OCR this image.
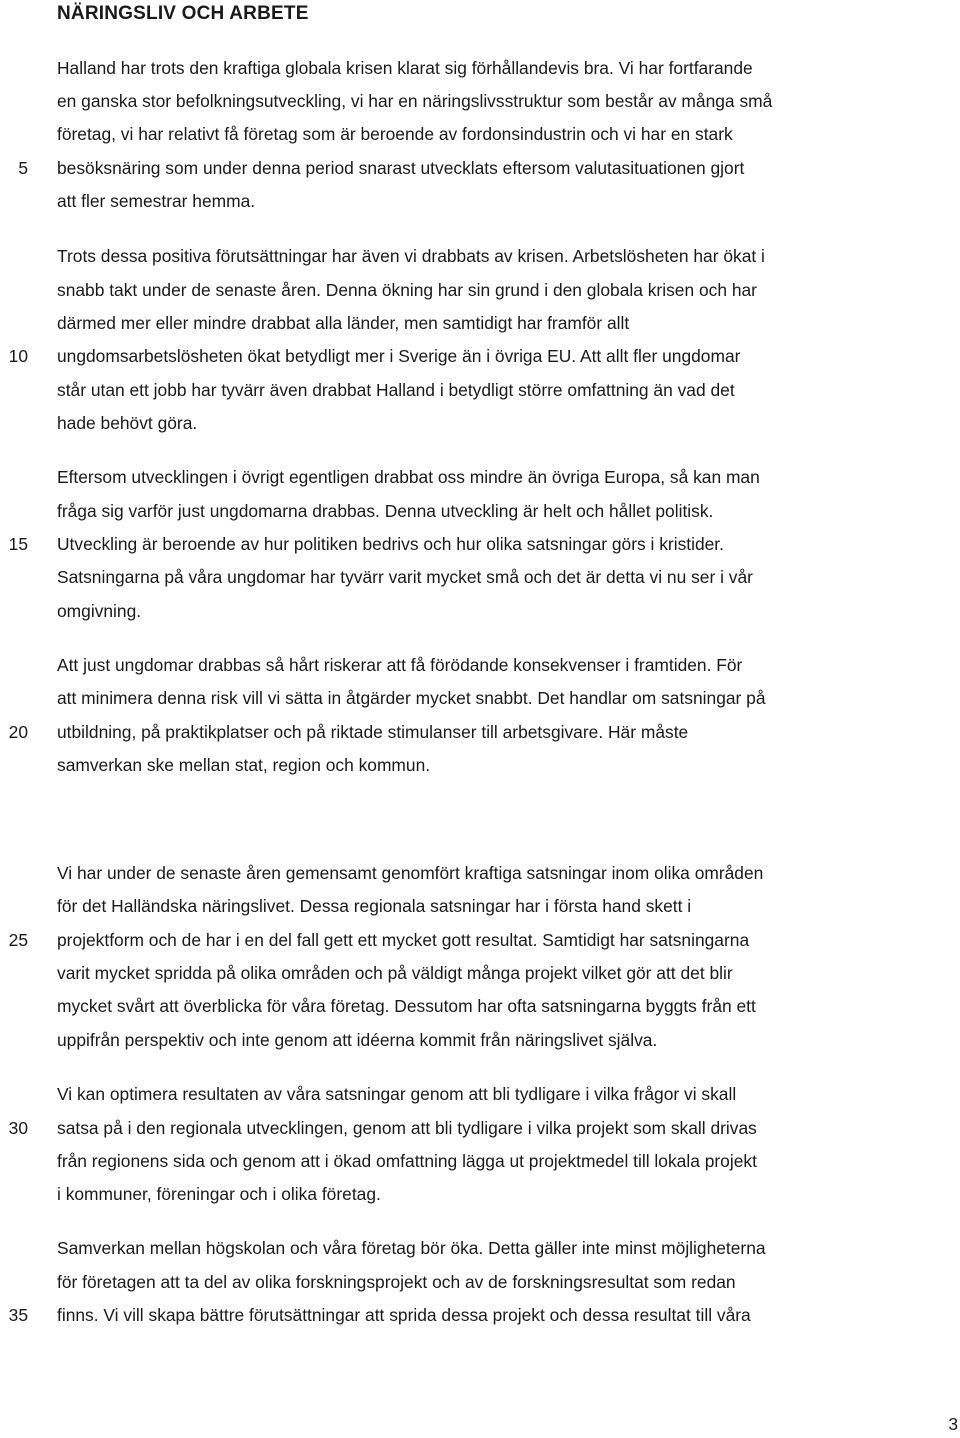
NÄRINGSLIV OCH ARBETE
Halland har trots den kraftiga globala krisen klarat sig förhållandevis bra. Vi har fortfarande
en ganska stor befolkningsutveckling, vi har en näringslivsstruktur som består av många små
företag, vi har relativt få företag som är beroende av fordonsindustrin och vi har en stark
besöksnäring som under denna period snarast utvecklats eftersom valutasituationen gjort
att fler semestrar hemma.
Trots dessa positiva förutsättningar har även vi drabbats av krisen. Arbetslösheten har ökat i
snabb takt under de senaste åren. Denna ökning har sin grund i den globala krisen och har
därmed mer eller mindre drabbat alla länder, men samtidigt har framför allt
ungdomsarbetslösheten ökat betydligt mer i Sverige än i övriga EU. Att allt fler ungdomar
står utan ett jobb har tyvärr även drabbat Halland i betydligt större omfattning än vad det
hade behövt göra.
Eftersom utvecklingen i övrigt egentligen drabbat oss mindre än övriga Europa, så kan man
fråga sig varför just ungdomarna drabbas. Denna utveckling är helt och hållet politisk.
Utveckling är beroende av hur politiken bedrivs och hur olika satsningar görs i kristider.
Satsningarna på våra ungdomar har tyvärr varit mycket små och det är detta vi nu ser i vår
omgivning.
Att just ungdomar drabbas så hårt riskerar att få förödande konsekvenser i framtiden. För
att minimera denna risk vill vi sätta in åtgärder mycket snabbt. Det handlar om satsningar på
utbildning, på praktikplatser och på riktade stimulanser till arbetsgivare. Här måste
samverkan ske mellan stat, region och kommun.
Vi har under de senaste åren gemensamt genomfört kraftiga satsningar inom olika områden
för det Halländska näringslivet. Dessa regionala satsningar har i första hand skett i
projektform och de har i en del fall gett ett mycket gott resultat. Samtidigt har satsningarna
varit mycket spridda på olika områden och på väldigt många projekt vilket gör att det blir
mycket svårt att överblicka för våra företag. Dessutom har ofta satsningarna byggts från ett
uppifrån perspektiv och inte genom att idéerna kommit från näringslivet själva.
Vi kan optimera resultaten av våra satsningar genom att bli tydligare i vilka frågor vi skall
satsa på i den regionala utvecklingen, genom att bli tydligare i vilka projekt som skall drivas
från regionens sida och genom att i ökad omfattning lägga ut projektmedel till lokala projekt
i kommuner, föreningar och i olika företag.
Samverkan mellan högskolan och våra företag bör öka. Detta gäller inte minst möjligheterna
för företagen att ta del av olika forskningsprojekt och av de forskningsresultat som redan
finns. Vi vill skapa bättre förutsättningar att sprida dessa projekt och dessa resultat till våra
5
10
15
20
25
30
35
3
